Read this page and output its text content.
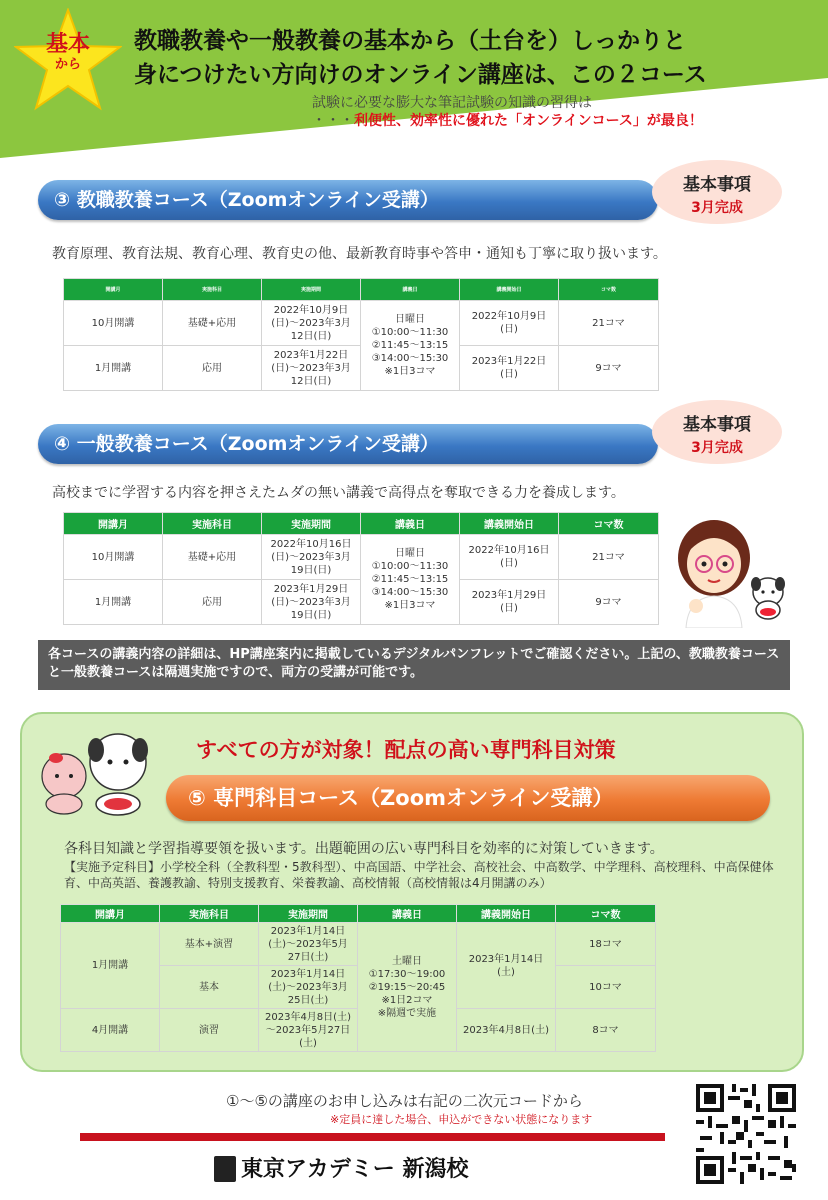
基本
から
教職教養や一般教養の基本から（土台を）しっかりと
身につけたい方向けのオンライン講座は、この２コース
試験に必要な膨大な筆記試験の知識の習得は
・・・利便性、効率性に優れた「オンラインコース」が最良！
③ 教職教養コース（Zoomオンライン受講）
基本事項
3月完成
教育原理、教育法規、教育心理、教育史の他、最新教育時事や答申・通知も丁寧に取り扱います。
開講月	実施科目	実施期間	講義日	講義開始日	コマ数
10月開講	基礎+応用	2022年10月9日
(日)〜2023年3月
12日(日)	日曜日
①10:00〜11:30
②11:45〜13:15
③14:00〜15:30
※1日3コマ	2022年10月9日
(日)	21コマ
1月開講	応用	2023年1月22日
(日)〜2023年3月
12日(日)		2023年1月22日
(日)	9コマ
④ 一般教養コース（Zoomオンライン受講）
基本事項
3月完成
高校までに学習する内容を押さえたムダの無い講義で高得点を奪取できる力を養成します。
開講月	実施科目	実施期間	講義日	講義開始日	コマ数
10月開講	基礎+応用	2022年10月16日
(日)〜2023年3月
19日(日)	日曜日
①10:00〜11:30
②11:45〜13:15
③14:00〜15:30
※1日3コマ	2022年10月16日
(日)	21コマ
1月開講	応用	2023年1月29日
(日)〜2023年3月
19日(日)		2023年1月29日
(日)	9コマ
各コースの講義内容の詳細は、HP講座案内に掲載しているデジタルパンフレットでご確認ください。上記の、教職教養コースと一般教養コースは隔週実施ですので、両方の受講が可能です。
すべての方が対象！配点の高い専門科目対策
⑤ 専門科目コース（Zoomオンライン受講）
各科目知識と学習指導要領を扱います。出題範囲の広い専門科目を効率的に対策していきます。
【実施予定科目】小学校全科（全教科型・5教科型）、中高国語、中学社会、高校社会、中高数学、中学理科、高校理科、中高保健体育、中高英語、養護教諭、特別支援教育、栄養教諭、高校情報（高校情報は4月開講のみ）
開講月	実施科目	実施期間	講義日	講義開始日	コマ数
1月開講	基本+演習	2023年1月14日
(土)〜2023年5月
27日(土)	土曜日
①17:30〜19:00
②19:15〜20:45
※1日2コマ
※隔週で実施	2023年1月14日
(土)	18コマ
	基本	2023年1月14日
(土)〜2023年3月
25日(土)			10コマ
4月開講	演習	2023年4月8日(土)
〜2023年5月27日
(土)		2023年4月8日(土)	8コマ
①〜⑤の講座のお申し込みは右記の二次元コードから
※定員に達した場合、申込ができない状態になります
東京アカデミー 新潟校
